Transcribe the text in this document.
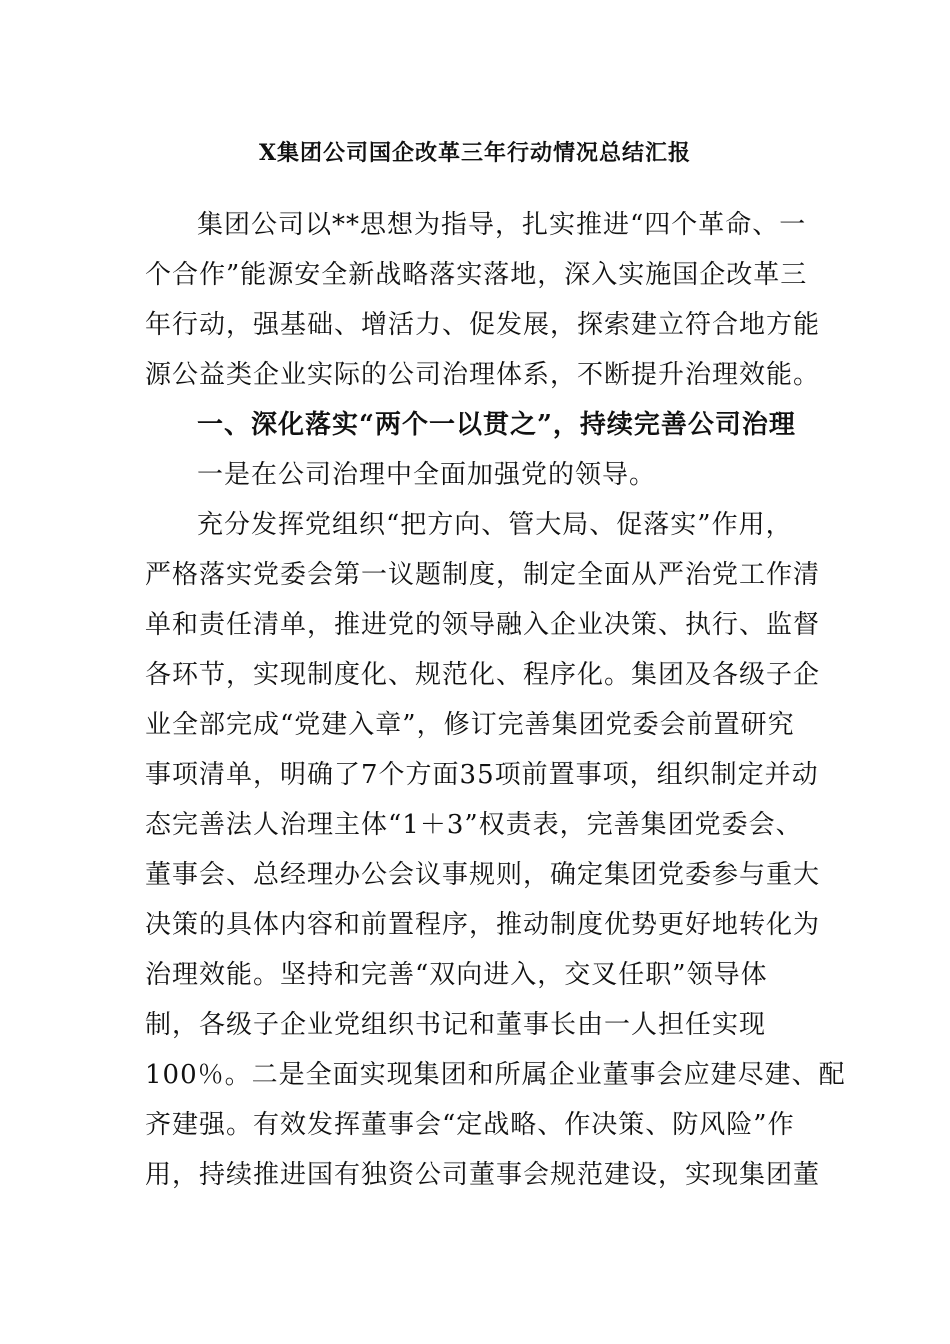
X集团公司国企改革三年行动情况总结汇报
集团公司以**思想为指导，扎实推进“四个革命、一
个合作”能源安全新战略落实落地，深入实施国企改革三
年行动，强基础、增活力、促发展，探索建立符合地方能
源公益类企业实际的公司治理体系，不断提升治理效能。
一、深化落实“两个一以贯之”，持续完善公司治理
一是在公司治理中全面加强党的领导。
充分发挥党组织“把方向、管大局、促落实”作用，
严格落实党委会第一议题制度，制定全面从严治党工作清
单和责任清单，推进党的领导融入企业决策、执行、监督
各环节，实现制度化、规范化、程序化。集团及各级子企
业全部完成“党建入章”，修订完善集团党委会前置研究
事项清单，明确了7个方面35项前置事项，组织制定并动
态完善法人治理主体“1＋3”权责表，完善集团党委会、
董事会、总经理办公会议事规则，确定集团党委参与重大
决策的具体内容和前置程序，推动制度优势更好地转化为
治理效能。坚持和完善“双向进入，交叉任职”领导体
制，各级子企业党组织书记和董事长由一人担任实现
100％。二是全面实现集团和所属企业董事会应建尽建、配
齐建强。有效发挥董事会“定战略、作决策、防风险”作
用，持续推进国有独资公司董事会规范建设，实现集团董
